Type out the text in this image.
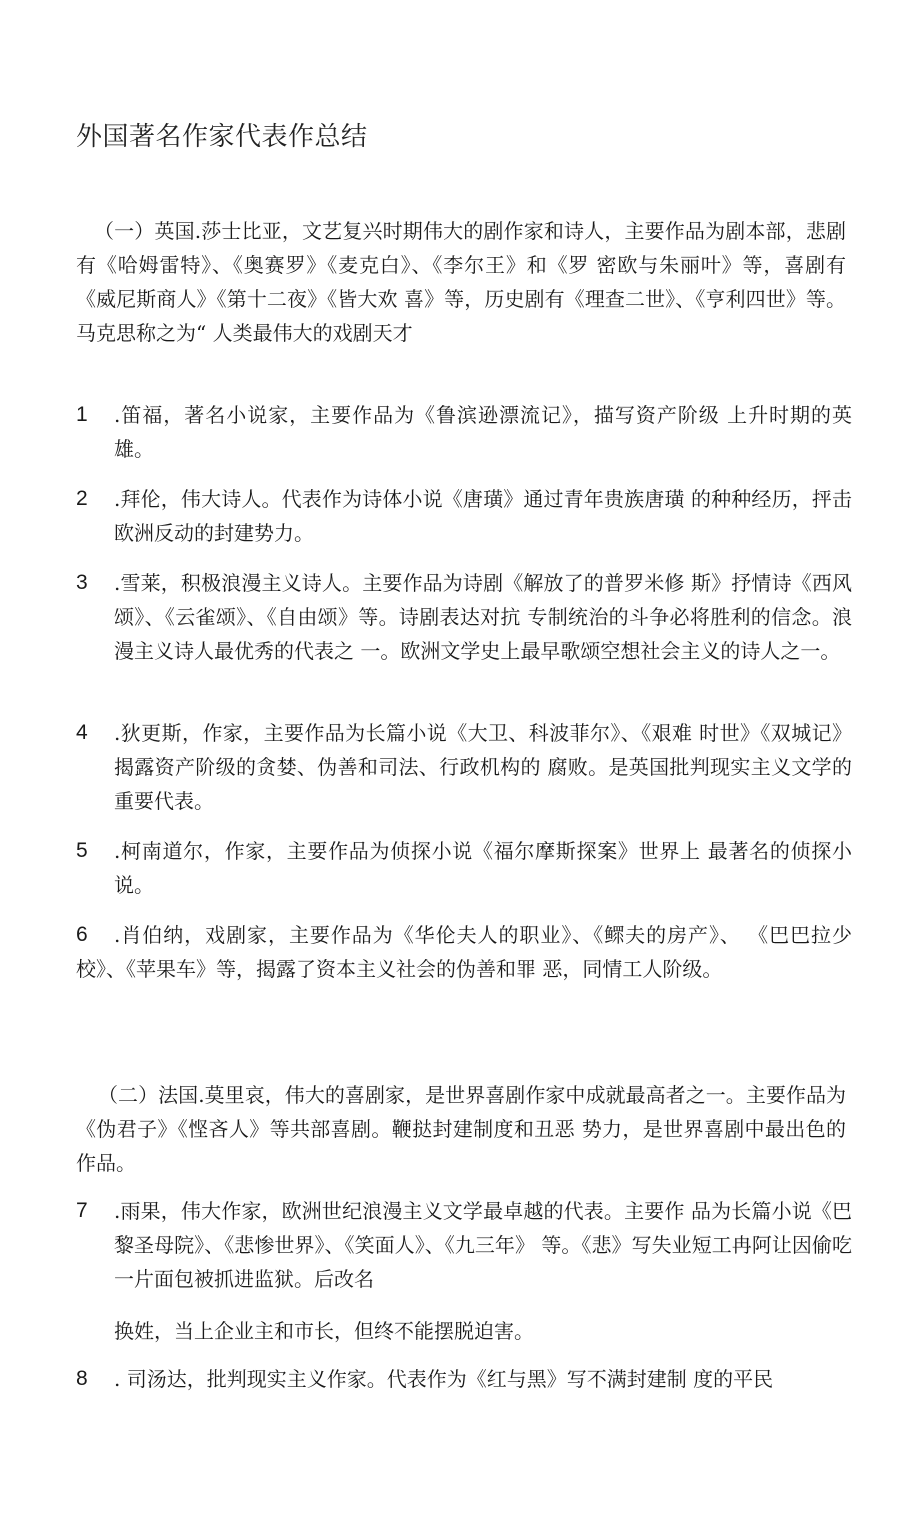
外国著名作家代表作总结
（一）英国.莎士比亚，文艺复兴时期伟大的剧作家和诗人，主要作品为剧本部，悲剧有《哈姆雷特》、《奥赛罗》《麦克白》、《李尔王》和《罗 密欧与朱丽叶》等，喜剧有《威尼斯商人》《第十二夜》《皆大欢 喜》等，历史剧有《理查二世》、《亨利四世》等。马克思称之为“ 人类最伟大的戏剧天才
1	.笛福，著名小说家，主要作品为《鲁滨逊漂流记》，描写资产阶级 上升时期的英雄。
2	.拜伦，伟大诗人。代表作为诗体小说《唐璜》通过青年贵族唐璜 的种种经历，抨击欧洲反动的封建势力。
3	.雪莱，积极浪漫主义诗人。主要作品为诗剧《解放了的普罗米修 斯》抒情诗《西风颂》、《云雀颂》、《自由颂》等。诗剧表达对抗 专制统治的斗争必将胜利的信念。浪漫主义诗人最优秀的代表之 一。欧洲文学史上最早歌颂空想社会主义的诗人之一。
4	.狄更斯，作家，主要作品为长篇小说《大卫、科波菲尔》、《艰难 时世》《双城记》揭露资产阶级的贪婪、伪善和司法、行政机构的 腐败。是英国批判现实主义文学的重要代表。
5	.柯南道尔，作家，主要作品为侦探小说《福尔摩斯探案》世界上 最著名的侦探小说。
6	.肖伯纳，戏剧家，主要作品为《华伦夫人的职业》、《鳏夫的房产》、 《巴巴拉少校》、《苹果车》等，揭露了资本主义社会的伪善和罪 恶，同情工人阶级。
（二）法国.莫里哀，伟大的喜剧家，是世界喜剧作家中成就最高者之一。主要作品为《伪君子》《悭吝人》等共部喜剧。鞭挞封建制度和丑恶 势力，是世界喜剧中最出色的作品。
7	.雨果，伟大作家，欧洲世纪浪漫主义文学最卓越的代表。主要作 品为长篇小说《巴黎圣母院》、《悲惨世界》、《笑面人》、《九三年》 等。《悲》写失业短工冉阿让因偷吃一片面包被抓进监狱。后改名
换姓，当上企业主和市长，但终不能摆脱迫害。
8	. 司汤达，批判现实主义作家。代表作为《红与黑》写不满封建制 度的平民
